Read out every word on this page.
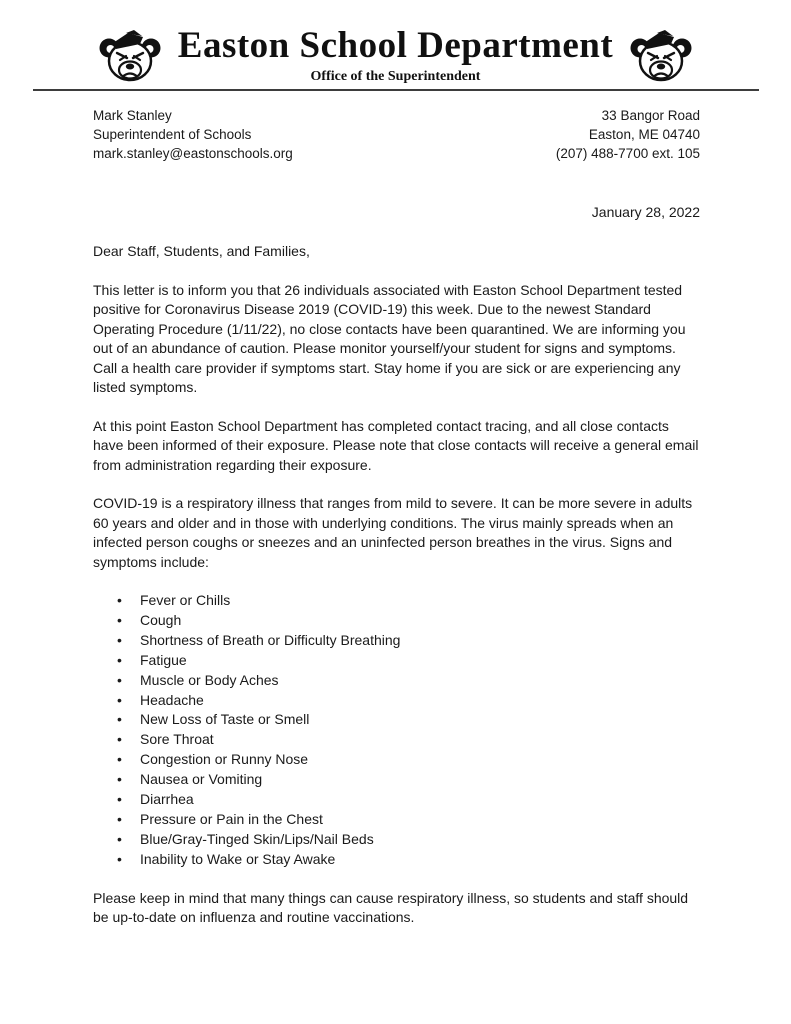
Easton School Department
Office of the Superintendent
Mark Stanley
Superintendent of Schools
mark.stanley@eastonschools.org
33 Bangor Road
Easton, ME 04740
(207) 488-7700 ext. 105
January 28, 2022

Dear Staff, Students, and Families,

This letter is to inform you that 26 individuals associated with Easton School Department tested positive for Coronavirus Disease 2019 (COVID-19) this week. Due to the newest Standard Operating Procedure (1/11/22), no close contacts have been quarantined. We are informing you out of an abundance of caution. Please monitor yourself/your student for signs and symptoms. Call a health care provider if symptoms start. Stay home if you are sick or are experiencing any listed symptoms.

At this point Easton School Department has completed contact tracing, and all close contacts have been informed of their exposure. Please note that close contacts will receive a general email from administration regarding their exposure.

COVID-19 is a respiratory illness that ranges from mild to severe. It can be more severe in adults 60 years and older and in those with underlying conditions. The virus mainly spreads when an infected person coughs or sneezes and an uninfected person breathes in the virus. Signs and symptoms include:

• Fever or Chills
• Cough
• Shortness of Breath or Difficulty Breathing
• Fatigue
• Muscle or Body Aches
• Headache
• New Loss of Taste or Smell
• Sore Throat
• Congestion or Runny Nose
• Nausea or Vomiting
• Diarrhea
• Pressure or Pain in the Chest
• Blue/Gray-Tinged Skin/Lips/Nail Beds
• Inability to Wake or Stay Awake

Please keep in mind that many things can cause respiratory illness, so students and staff should be up-to-date on influenza and routine vaccinations.
